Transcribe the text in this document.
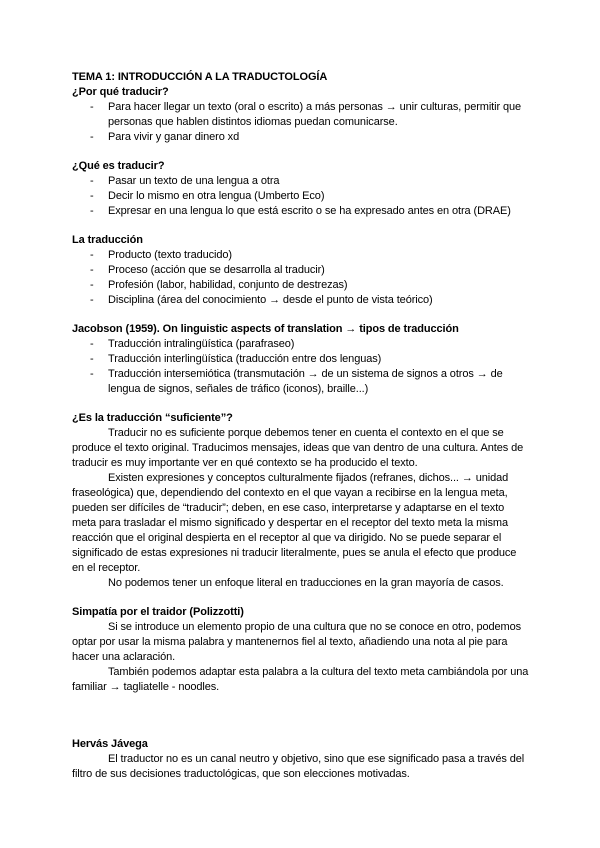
TEMA 1: INTRODUCCIÓN A LA TRADUCTOLOGÍA
¿Por qué traducir?
- Para hacer llegar un texto (oral o escrito) a más personas → unir culturas, permitir que personas que hablen distintos idiomas puedan comunicarse.
- Para vivir y ganar dinero xd
¿Qué es traducir?
- Pasar un texto de una lengua a otra
- Decir lo mismo en otra lengua (Umberto Eco)
- Expresar en una lengua lo que está escrito o se ha expresado antes en otra (DRAE)
La traducción
- Producto (texto traducido)
- Proceso (acción que se desarrolla al traducir)
- Profesión (labor, habilidad, conjunto de destrezas)
- Disciplina (área del conocimiento → desde el punto de vista teórico)
Jacobson (1959). On linguistic aspects of translation → tipos de traducción
- Traducción intralingüística (parafraseo)
- Traducción interlingüística (traducción entre dos lenguas)
- Traducción intersemiótica (transmutación → de un sistema de signos a otros → de lengua de signos, señales de tráfico (iconos), braille...)
¿Es la traducción “suficiente”?

Traducir no es suficiente porque debemos tener en cuenta el contexto en el que se produce el texto original. Traducimos mensajes, ideas que van dentro de una cultura. Antes de traducir es muy importante ver en qué contexto se ha producido el texto.

Existen expresiones y conceptos culturalmente fijados (refranes, dichos... → unidad fraseológica) que, dependiendo del contexto en el que vayan a recibirse en la lengua meta, pueden ser difíciles de “traducir”; deben, en ese caso, interpretarse y adaptarse en el texto meta para trasladar el mismo significado y despertar en el receptor del texto meta la misma reacción que el original despierta en el receptor al que va dirigido. No se puede separar el significado de estas expresiones ni traducir literalmente, pues se anula el efecto que produce en el receptor.

No podemos tener un enfoque literal en traducciones en la gran mayoría de casos.

Simpatía por el traidor (Polizzotti)

Si se introduce un elemento propio de una cultura que no se conoce en otro, podemos optar por usar la misma palabra y mantenernos fiel al texto, añadiendo una nota al pie para hacer una aclaración.

También podemos adaptar esta palabra a la cultura del texto meta cambiándola por una familiar → tagliatelle - noodles.

Hervás Jávega

El traductor no es un canal neutro y objetivo, sino que ese significado pasa a través del filtro de sus decisiones traductológicas, que son elecciones motivadas.
